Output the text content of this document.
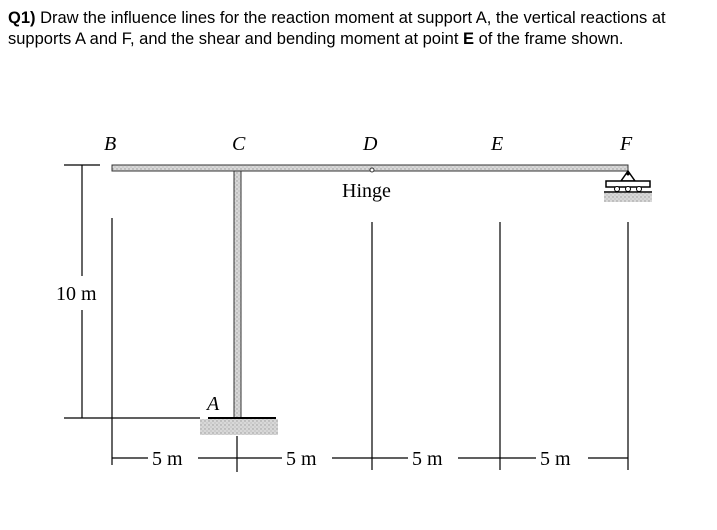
Q1) Draw the influence lines for the reaction moment at support A, the vertical reactions at supports A and F, and the shear and bending moment at point E of the frame shown.
B	C	D	E	F
A
Hinge
10 m
5 m	5 m	5 m	5 m
